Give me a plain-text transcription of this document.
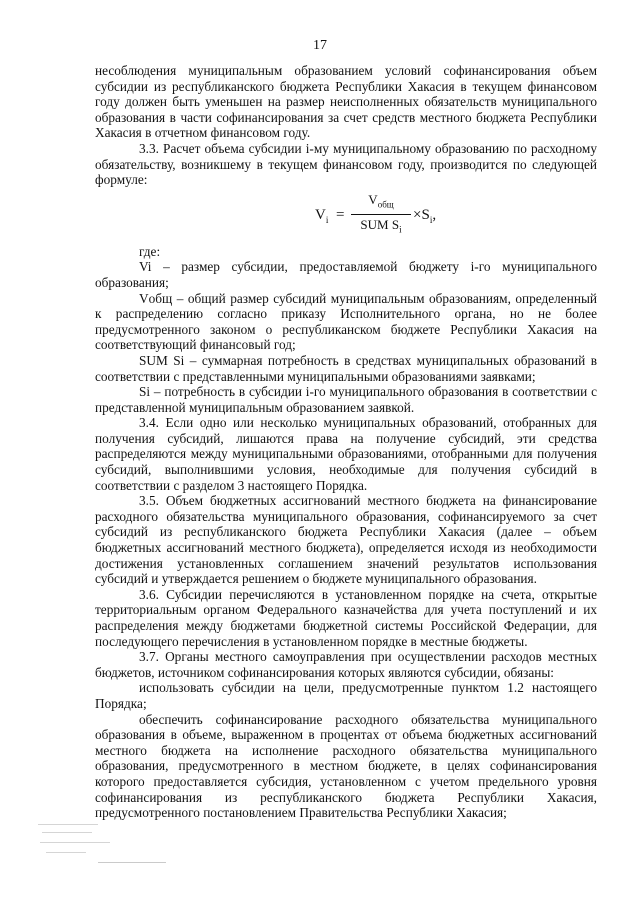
17

несоблюдения муниципальным образованием условий софинансирования объем субсидии из республиканского бюджета Республики Хакасия в текущем финансовом году должен быть уменьшен на размер неисполненных обязательств муниципального образования в части софинансирования за счет средств местного бюджета Республики Хакасия в отчетном финансовом году.

3.3. Расчет объема субсидии i-му муниципальному образованию по расходному обязательству, возникшему в текущем финансовом году, производится по следующей формуле:

$V_i$ =
$V_{общ}$
SUM $S_i$
$\times S_i$,

где:

Vi – размер субсидии, предоставляемой бюджету i-го муниципального образования;

Vобщ – общий размер субсидий муниципальным образованиям, определенный к распределению согласно приказу Исполнительного органа, но не более предусмотренного законом о республиканском бюджете Республики Хакасия на соответствующий финансовый год;

SUM Si – суммарная потребность в средствах муниципальных образований в соответствии с представленными муниципальными образованиями заявками;

Si – потребность в субсидии i-го муниципального образования в соответствии с представленной муниципальным образованием заявкой.

3.4. Если одно или несколько муниципальных образований, отобранных для получения субсидий, лишаются права на получение субсидий, эти средства распределяются между муниципальными образованиями, отобранными для получения субсидий, выполнившими условия, необходимые для получения субсидий в соответствии с разделом 3 настоящего Порядка.

3.5. Объем бюджетных ассигнований местного бюджета на финансирование расходного обязательства муниципального образования, софинансируемого за счет субсидий из республиканского бюджета Республики Хакасия (далее – объем бюджетных ассигнований местного бюджета), определяется исходя из необходимости достижения установленных соглашением значений результатов использования субсидий и утверждается решением о бюджете муниципального образования.

3.6. Субсидии перечисляются в установленном порядке на счета, открытые территориальным органом Федерального казначейства для учета поступлений и их распределения между бюджетами бюджетной системы Российской Федерации, для последующего перечисления в установленном порядке в местные бюджеты.

3.7. Органы местного самоуправления при осуществлении расходов местных бюджетов, источником софинансирования которых являются субсидии, обязаны:

использовать субсидии на цели, предусмотренные пунктом 1.2 настоящего Порядка;

обеспечить софинансирование расходного обязательства муниципального образования в объеме, выраженном в процентах от объема бюджетных ассигнований местного бюджета на исполнение расходного обязательства муниципального образования, предусмотренного в местном бюджете, в целях софинансирования которого предоставляется субсидия, установленном с учетом предельного уровня софинансирования из республиканского бюджета Республики Хакасия, предусмотренного постановлением Правительства Республики Хакасия;
